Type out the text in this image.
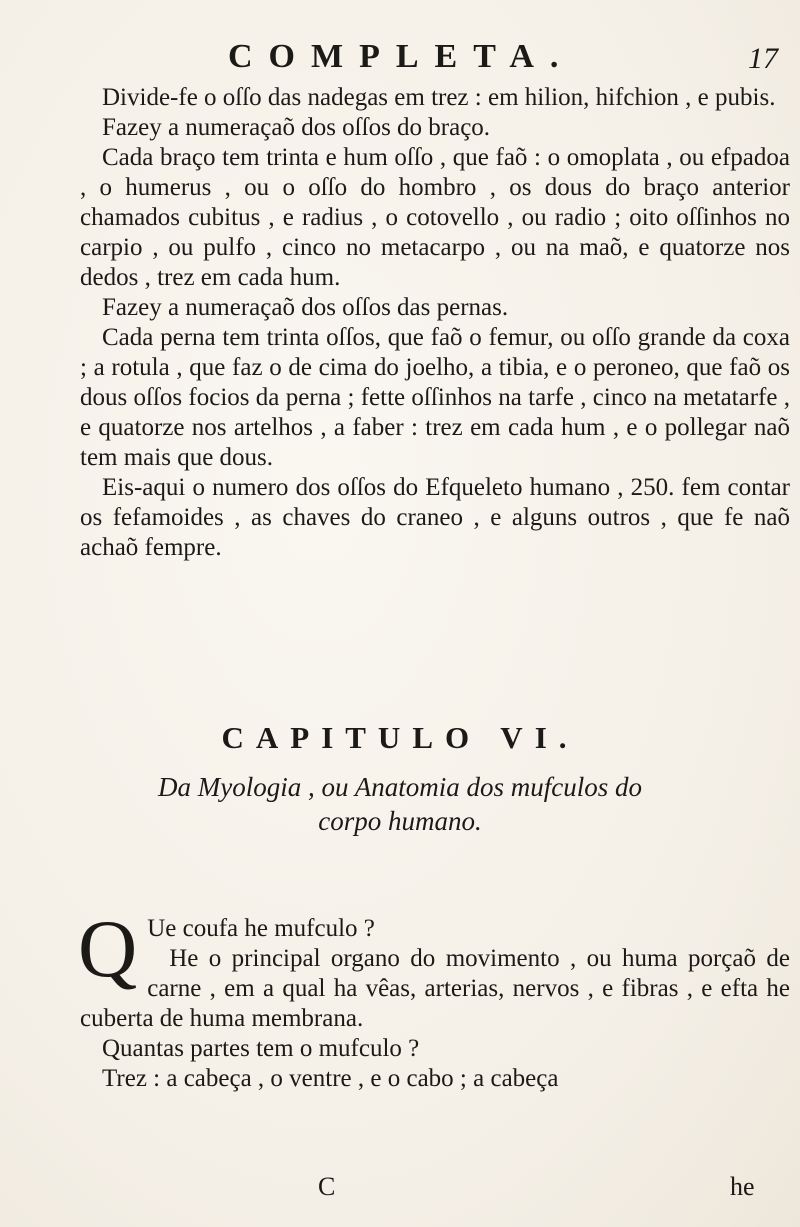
COMPLETA.	17

Divide-fe o oſſo das nadegas em trez : em hilion, hifchion , e pubis.

Fazey a numeraçaõ dos oſſos do braço.

Cada braço tem trinta e hum oſſo , que faõ : o omoplata , ou efpadoa , o humerus , ou o oſſo do hombro , os dous do braço anterior chamados cubitus , e radius , o cotovello , ou radio ; oito oſſinhos no carpio , ou pulfo , cinco no metacarpo , ou na maõ, e quatorze nos dedos , trez em cada hum.

Fazey a numeraçaõ dos oſſos das pernas.

Cada perna tem trinta oſſos, que faõ o femur, ou oſſo grande da coxa ; a rotula , que faz o de cima do joelho, a tibia, e o peroneo, que faõ os dous oſſos focios da perna ; fette oſſinhos na tarfe , cinco na metatarfe , e quatorze nos artelhos , a faber : trez em cada hum , e o pollegar naõ tem mais que dous.

Eis-aqui o numero dos oſſos do Efqueleto humano , 250. fem contar os fefamoides , as chaves do craneo , e alguns outros , que fe naõ achaõ fempre.

CAPITULO VI.
Da Myologia , ou Anatomia dos mufculos do
corpo humano.

Q Ue coufa he mufculo ?

He o principal organo do movimento , ou huma porçaõ de carne , em a qual ha vêas, arterias, nervos , e fibras , e efta he cuberta de huma membrana.

Quantas partes tem o mufculo ?

Trez : a cabeça , o ventre , e o cabo ; a cabeça

C	he
